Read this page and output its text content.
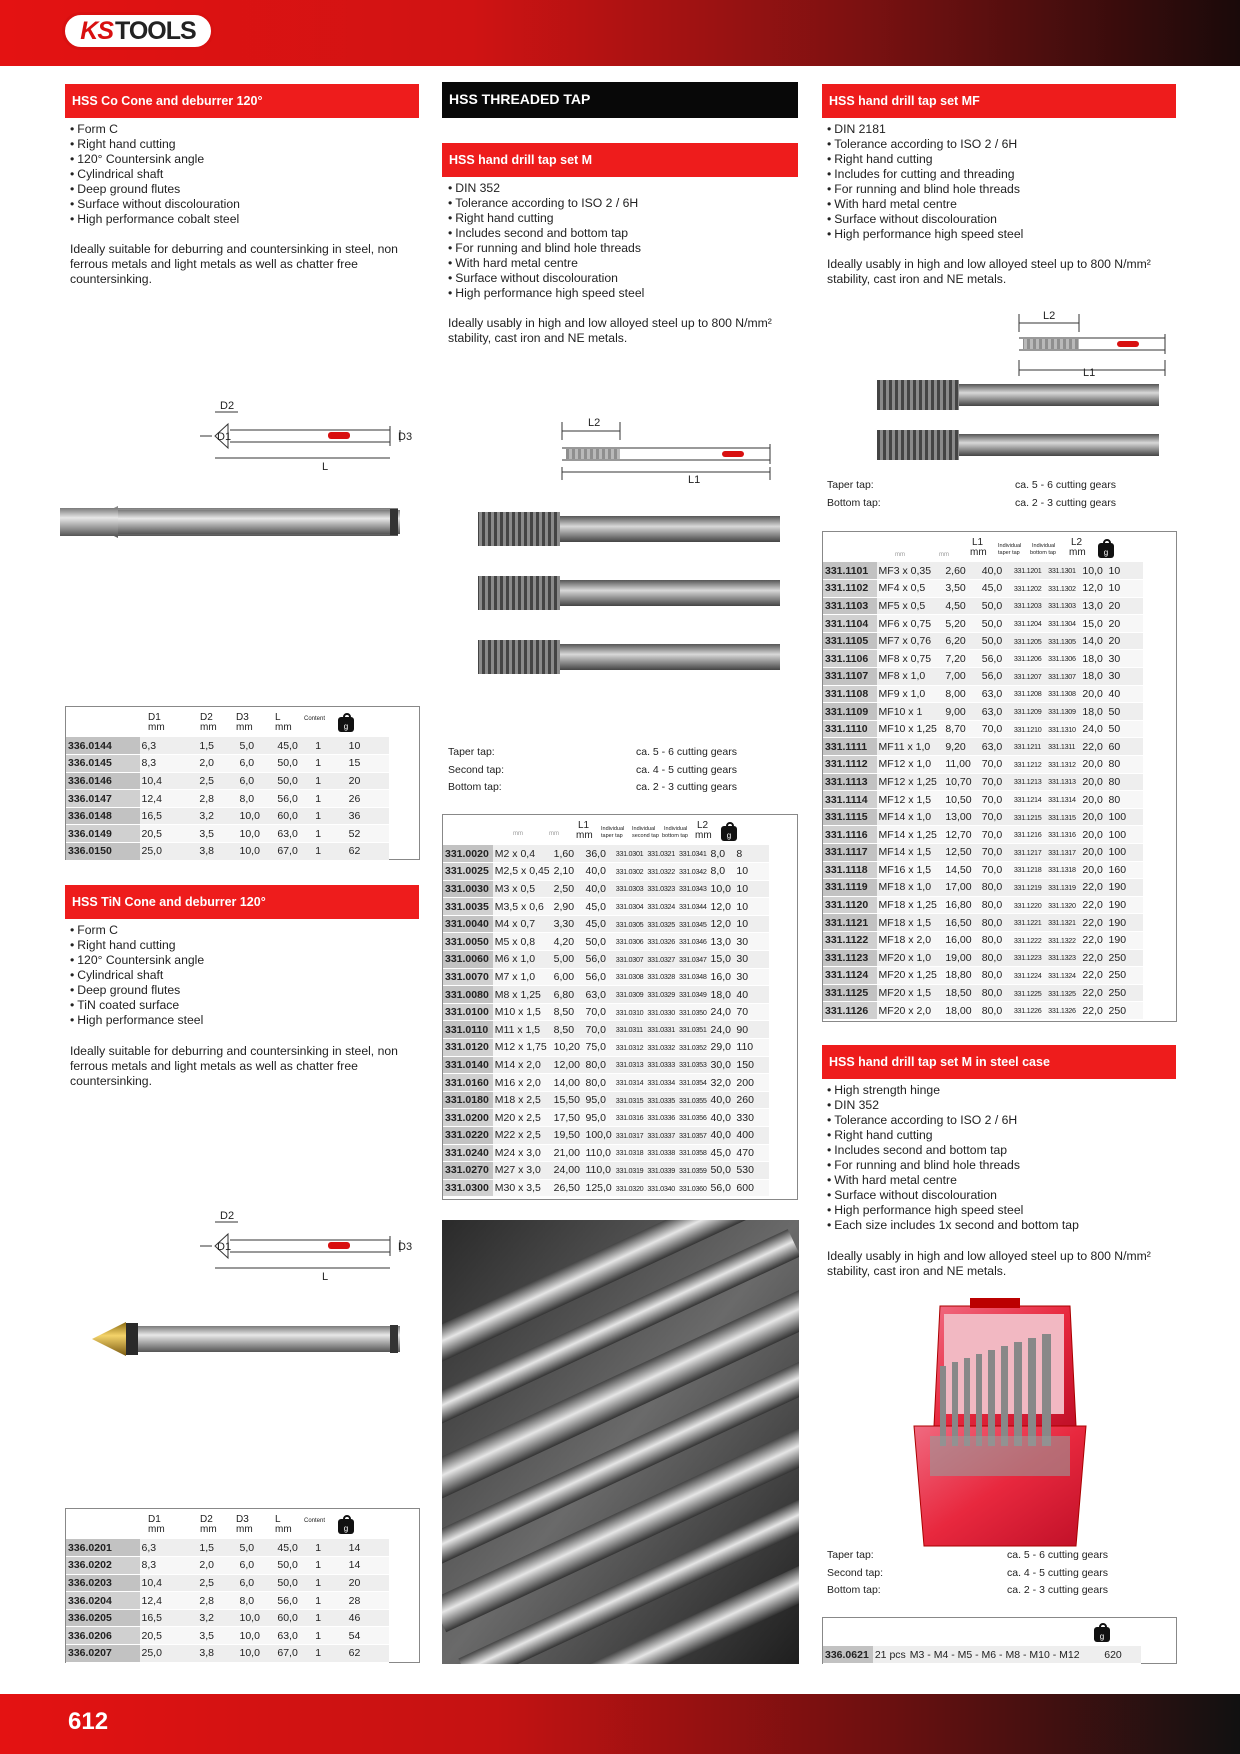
KS TOOLS
HSS Co Cone and deburrer 120°
• Form C
• Right hand cutting
• 120° Countersink angle
• Cylindrical shaft
• Deep ground flutes
• Surface without discolouration
• High performance cobalt steel

Ideally suitable for deburring and countersinking in steel, non ferrous metals and light metals as well as chatter free countersinking.

D2
D1	D3
L
D1
mm
D2
mm
D3
mm
L
mm
Content
g
336.0144	6,3	1,5	5,0	45,0	1	10
336.0145	8,3	2,0	6,0	50,0	1	15
336.0146	10,4	2,5	6,0	50,0	1	20
336.0147	12,4	2,8	8,0	56,0	1	26
336.0148	16,5	3,2	10,0	60,0	1	36
336.0149	20,5	3,5	10,0	63,0	1	52
336.0150	25,0	3,8	10,0	67,0	1	62
HSS TiN Cone and deburrer 120°
• Form C
• Right hand cutting
• 120° Countersink angle
• Cylindrical shaft
• Deep ground flutes
• TiN coated surface
• High performance steel

Ideally suitable for deburring and countersinking in steel, non ferrous metals and light metals as well as chatter free countersinking.

D2
D1	D3
L
D1
mm
D2
mm
D3
mm
L
mm
Content
g
336.0201	6,3	1,5	5,0	45,0	1	14
336.0202	8,3	2,0	6,0	50,0	1	14
336.0203	10,4	2,5	6,0	50,0	1	20
336.0204	12,4	2,8	8,0	56,0	1	28
336.0205	16,5	3,2	10,0	60,0	1	46
336.0206	20,5	3,5	10,0	63,0	1	54
336.0207	25,0	3,8	10,0	67,0	1	62
HSS THREADED TAP
HSS hand drill tap set M
• DIN 352
• Tolerance according to ISO 2 / 6H
• Right hand cutting
• Includes second and bottom tap
• For running and blind hole threads
• With hard metal centre
• Surface without discolouration
• High performance high speed steel

Ideally usably in high and low alloyed steel up to 800 N/mm² stability, cast iron and NE metals.

L2
L1
Taper tap:	ca. 5 - 6 cutting gears
Second tap:	ca. 4 - 5 cutting gears
Bottom tap:	ca. 2 - 3 cutting gears
mm	mm
L1
mm
Individual
taper tap
Individual
second tap
Individual
bottom tap
L2
mm	g
331.0020	M2 x 0,4	1,60	36,0	331.0301	331.0321	331.0341	8,0	8
331.0025	M2,5 x 0,45	2,10	40,0	331.0302	331.0322	331.0342	8,0	10
331.0030	M3 x 0,5	2,50	40,0	331.0303	331.0323	331.0343	10,0	10
331.0035	M3,5 x 0,6	2,90	45,0	331.0304	331.0324	331.0344	12,0	10
331.0040	M4 x 0,7	3,30	45,0	331.0305	331.0325	331.0345	12,0	10
331.0050	M5 x 0,8	4,20	50,0	331.0306	331.0326	331.0346	13,0	30
331.0060	M6 x 1,0	5,00	56,0	331.0307	331.0327	331.0347	15,0	30
331.0070	M7 x 1,0	6,00	56,0	331.0308	331.0328	331.0348	16,0	30
331.0080	M8 x 1,25	6,80	63,0	331.0309	331.0329	331.0349	18,0	40
331.0100	M10 x 1,5	8,50	70,0	331.0310	331.0330	331.0350	24,0	70
331.0110	M11 x 1,5	8,50	70,0	331.0311	331.0331	331.0351	24,0	90
331.0120	M12 x 1,75	10,20	75,0	331.0312	331.0332	331.0352	29,0	110
331.0140	M14 x 2,0	12,00	80,0	331.0313	331.0333	331.0353	30,0	150
331.0160	M16 x 2,0	14,00	80,0	331.0314	331.0334	331.0354	32,0	200
331.0180	M18 x 2,5	15,50	95,0	331.0315	331.0335	331.0355	40,0	260
331.0200	M20 x 2,5	17,50	95,0	331.0316	331.0336	331.0356	40,0	330
331.0220	M22 x 2,5	19,50	100,0	331.0317	331.0337	331.0357	40,0	400
331.0240	M24 x 3,0	21,00	110,0	331.0318	331.0338	331.0358	45,0	470
331.0270	M27 x 3,0	24,00	110,0	331.0319	331.0339	331.0359	50,0	530
331.0300	M30 x 3,5	26,50	125,0	331.0320	331.0340	331.0360	56,0	600
HSS hand drill tap set MF
• DIN 2181
• Tolerance according to ISO 2 / 6H
• Right hand cutting
• Includes for cutting and threading
• For running and blind hole threads
• With hard metal centre
• Surface without discolouration
• High performance high speed steel

Ideally usably in high and low alloyed steel up to 800 N/mm² stability, cast iron and NE metals.

L2
L1
Taper tap:	ca. 5 - 6 cutting gears
Bottom tap:	ca. 2 - 3 cutting gears
mm	mm
L1
mm
Individual
taper tap
Individual
bottom tap
L2
mm	g
331.1101	MF3 x 0,35	2,60	40,0	331.1201	331.1301	10,0	10
331.1102	MF4 x 0,5	3,50	45,0	331.1202	331.1302	12,0	10
331.1103	MF5 x 0,5	4,50	50,0	331.1203	331.1303	13,0	20
331.1104	MF6 x 0,75	5,20	50,0	331.1204	331.1304	15,0	20
331.1105	MF7 x 0,76	6,20	50,0	331.1205	331.1305	14,0	20
331.1106	MF8 x 0,75	7,20	56,0	331.1206	331.1306	18,0	30
331.1107	MF8 x 1,0	7,00	56,0	331.1207	331.1307	18,0	30
331.1108	MF9 x 1,0	8,00	63,0	331.1208	331.1308	20,0	40
331.1109	MF10 x 1	9,00	63,0	331.1209	331.1309	18,0	50
331.1110	MF10 x 1,25	8,70	70,0	331.1210	331.1310	24,0	50
331.1111	MF11 x 1,0	9,20	63,0	331.1211	331.1311	22,0	60
331.1112	MF12 x 1,0	11,00	70,0	331.1212	331.1312	20,0	80
331.1113	MF12 x 1,25	10,70	70,0	331.1213	331.1313	20,0	80
331.1114	MF12 x 1,5	10,50	70,0	331.1214	331.1314	20,0	80
331.1115	MF14 x 1,0	13,00	70,0	331.1215	331.1315	20,0	100
331.1116	MF14 x 1,25	12,70	70,0	331.1216	331.1316	20,0	100
331.1117	MF14 x 1,5	12,50	70,0	331.1217	331.1317	20,0	100
331.1118	MF16 x 1,5	14,50	70,0	331.1218	331.1318	20,0	160
331.1119	MF18 x 1,0	17,00	80,0	331.1219	331.1319	22,0	190
331.1120	MF18 x 1,25	16,80	80,0	331.1220	331.1320	22,0	190
331.1121	MF18 x 1,5	16,50	80,0	331.1221	331.1321	22,0	190
331.1122	MF18 x 2,0	16,00	80,0	331.1222	331.1322	22,0	190
331.1123	MF20 x 1,0	19,00	80,0	331.1223	331.1323	22,0	250
331.1124	MF20 x 1,25	18,80	80,0	331.1224	331.1324	22,0	250
331.1125	MF20 x 1,5	18,50	80,0	331.1225	331.1325	22,0	250
331.1126	MF20 x 2,0	18,00	80,0	331.1226	331.1326	22,0	250
HSS hand drill tap set M in steel case
• High strength hinge
• DIN 352
• Tolerance according to ISO 2 / 6H
• Right hand cutting
• Includes second and bottom tap
• For running and blind hole threads
• With hard metal centre
• Surface without discolouration
• High performance high speed steel
• Each size includes 1x second and bottom tap

Ideally usably in high and low alloyed steel up to 800 N/mm² stability, cast iron and NE metals.

Taper tap:	ca. 5 - 6 cutting gears
Second tap:	ca. 4 - 5 cutting gears
Bottom tap:	ca. 2 - 3 cutting gears
g
336.0621	21 pcs	M3 - M4 - M5 - M6 - M8 - M10 - M12	620
612
